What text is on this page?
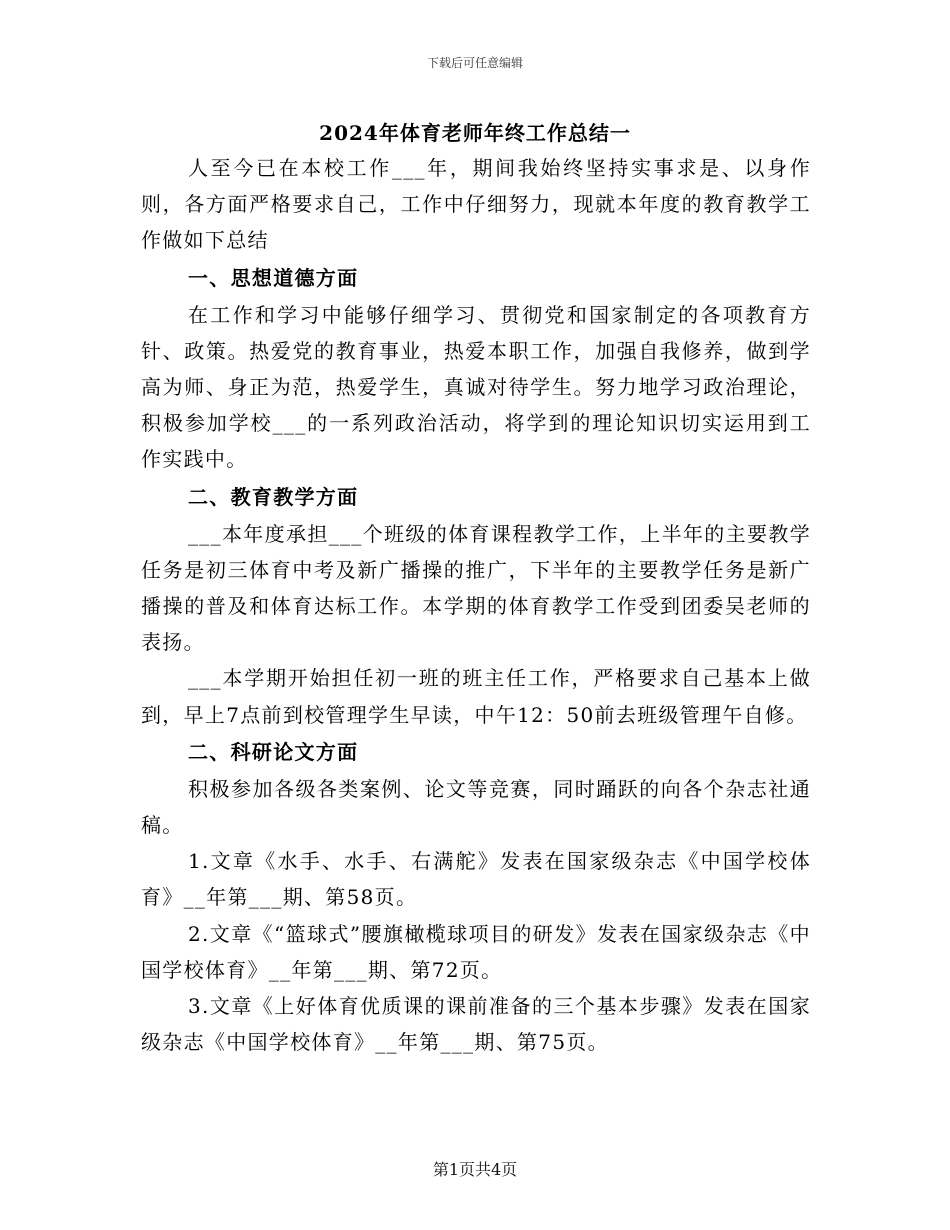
下载后可任意编辑
2024年体育老师年终工作总结一

人至今已在本校工作___年，期间我始终坚持实事求是、以身作则，各方面严格要求自己，工作中仔细努力，现就本年度的教育教学工作做如下总结

一、思想道德方面

在工作和学习中能够仔细学习、贯彻党和国家制定的各项教育方针、政策。热爱党的教育事业，热爱本职工作，加强自我修养，做到学高为师、身正为范，热爱学生，真诚对待学生。努力地学习政治理论，积极参加学校___的一系列政治活动，将学到的理论知识切实运用到工作实践中。

二、教育教学方面

___本年度承担___个班级的体育课程教学工作，上半年的主要教学任务是初三体育中考及新广播操的推广，下半年的主要教学任务是新广播操的普及和体育达标工作。本学期的体育教学工作受到团委吴老师的表扬。

___本学期开始担任初一班的班主任工作，严格要求自己基本上做到，早上7点前到校管理学生早读，中午12：50前去班级管理午自修。

二、科研论文方面

积极参加各级各类案例、论文等竞赛，同时踊跃的向各个杂志社通稿。

1.文章《水手、水手、右满舵》发表在国家级杂志《中国学校体育》__年第___期、第58页。

2.文章《“篮球式”腰旗橄榄球项目的研发》发表在国家级杂志《中国学校体育》__年第___期、第72页。

3.文章《上好体育优质课的课前准备的三个基本步骤》发表在国家级杂志《中国学校体育》__年第___期、第75页。

第1页共4页
